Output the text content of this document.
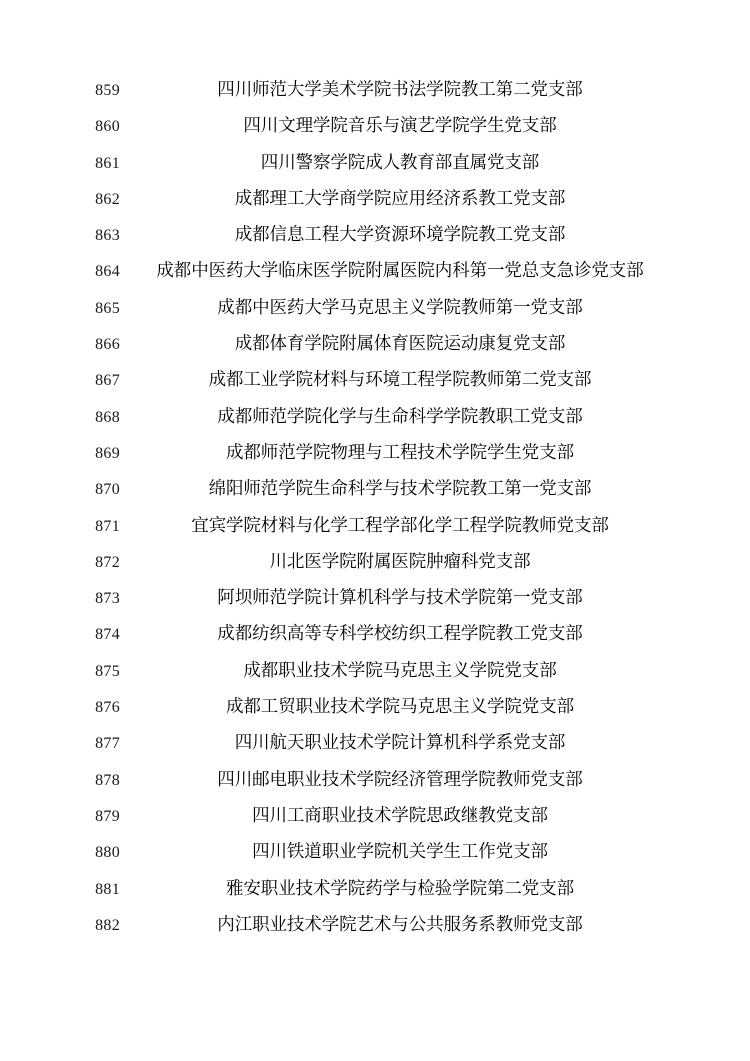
859	四川师范大学美术学院书法学院教工第二党支部
860	四川文理学院音乐与演艺学院学生党支部
861	四川警察学院成人教育部直属党支部
862	成都理工大学商学院应用经济系教工党支部
863	成都信息工程大学资源环境学院教工党支部
864	成都中医药大学临床医学院附属医院内科第一党总支急诊党支部
865	成都中医药大学马克思主义学院教师第一党支部
866	成都体育学院附属体育医院运动康复党支部
867	成都工业学院材料与环境工程学院教师第二党支部
868	成都师范学院化学与生命科学学院教职工党支部
869	成都师范学院物理与工程技术学院学生党支部
870	绵阳师范学院生命科学与技术学院教工第一党支部
871	宜宾学院材料与化学工程学部化学工程学院教师党支部
872	川北医学院附属医院肿瘤科党支部
873	阿坝师范学院计算机科学与技术学院第一党支部
874	成都纺织高等专科学校纺织工程学院教工党支部
875	成都职业技术学院马克思主义学院党支部
876	成都工贸职业技术学院马克思主义学院党支部
877	四川航天职业技术学院计算机科学系党支部
878	四川邮电职业技术学院经济管理学院教师党支部
879	四川工商职业技术学院思政继教党支部
880	四川铁道职业学院机关学生工作党支部
881	雅安职业技术学院药学与检验学院第二党支部
882	内江职业技术学院艺术与公共服务系教师党支部
